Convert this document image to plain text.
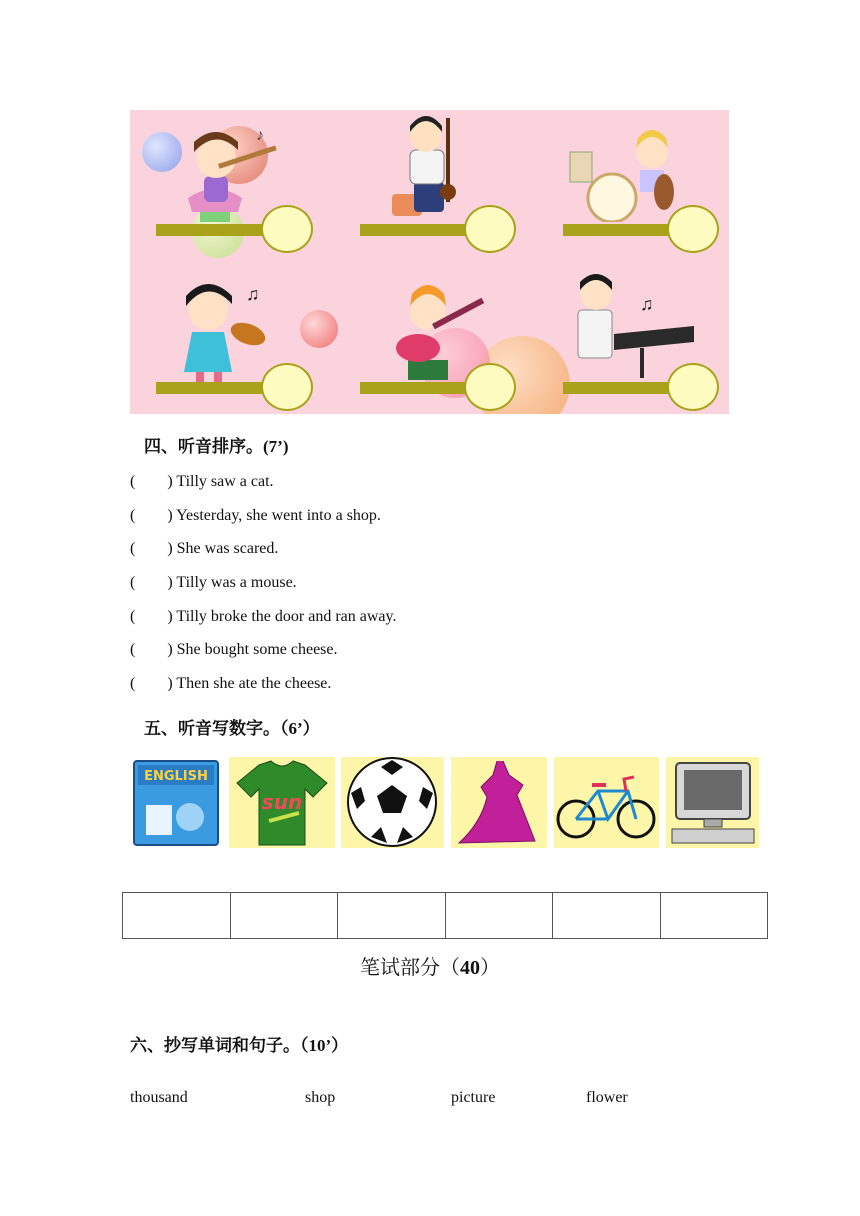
♪
♫	♫
四、听音排序。(7’)
(        ) Tilly saw a cat.
(        ) Yesterday, she went into a shop.
(        ) She was scared.
(        ) Tilly was a mouse.
(        ) Tilly broke the door and ran away.
(        ) She bought some cheese.
(        ) Then she ate the cheese.
五、听音写数字。（6’）
ENGLISH
sun

笔试部分（40）
六、抄写单词和句子。（10’）
thousand	shop	picture	flower
